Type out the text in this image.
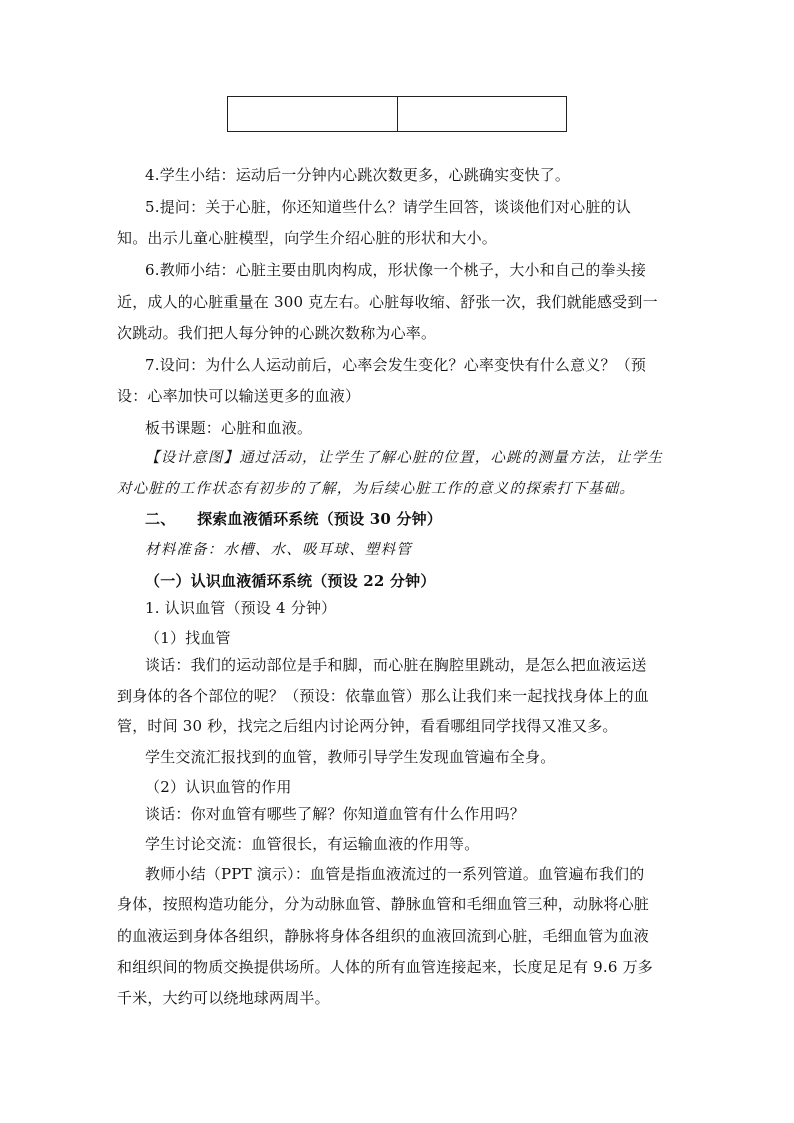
4.学生小结：运动后一分钟内心跳次数更多，心跳确实变快了。
5.提问：关于心脏，你还知道些什么？请学生回答，谈谈他们对心脏的认
知。出示儿童心脏模型，向学生介绍心脏的形状和大小。
6.教师小结：心脏主要由肌肉构成，形状像一个桃子，大小和自己的拳头接
近，成人的心脏重量在 300 克左右。心脏每收缩、舒张一次，我们就能感受到一
次跳动。我们把人每分钟的心跳次数称为心率。
7.设问：为什么人运动前后，心率会发生变化？心率变快有什么意义？（预
设：心率加快可以输送更多的血液）
板书课题：心脏和血液。
【设计意图】通过活动，让学生了解心脏的位置，心跳的测量方法，让学生
对心脏的工作状态有初步的了解，为后续心脏工作的意义的探索打下基础。
二、    探索血液循环系统（预设 30 分钟）
材料准备：水槽、水、吸耳球、塑料管
（一）认识血液循环系统（预设 22 分钟）
1. 认识血管（预设 4 分钟）
（1）找血管
谈话：我们的运动部位是手和脚，而心脏在胸腔里跳动，是怎么把血液运送
到身体的各个部位的呢？（预设：依靠血管）那么让我们来一起找找身体上的血
管，时间 30 秒，找完之后组内讨论两分钟，看看哪组同学找得又准又多。
学生交流汇报找到的血管，教师引导学生发现血管遍布全身。
（2）认识血管的作用
谈话：你对血管有哪些了解？你知道血管有什么作用吗？
学生讨论交流：血管很长，有运输血液的作用等。
教师小结（PPT 演示）：血管是指血液流过的一系列管道。血管遍布我们的
身体，按照构造功能分，分为动脉血管、静脉血管和毛细血管三种，动脉将心脏
的血液运到身体各组织，静脉将身体各组织的血液回流到心脏，毛细血管为血液
和组织间的物质交换提供场所。人体的所有血管连接起来，长度足足有 9.6 万多
千米，大约可以绕地球两周半。
